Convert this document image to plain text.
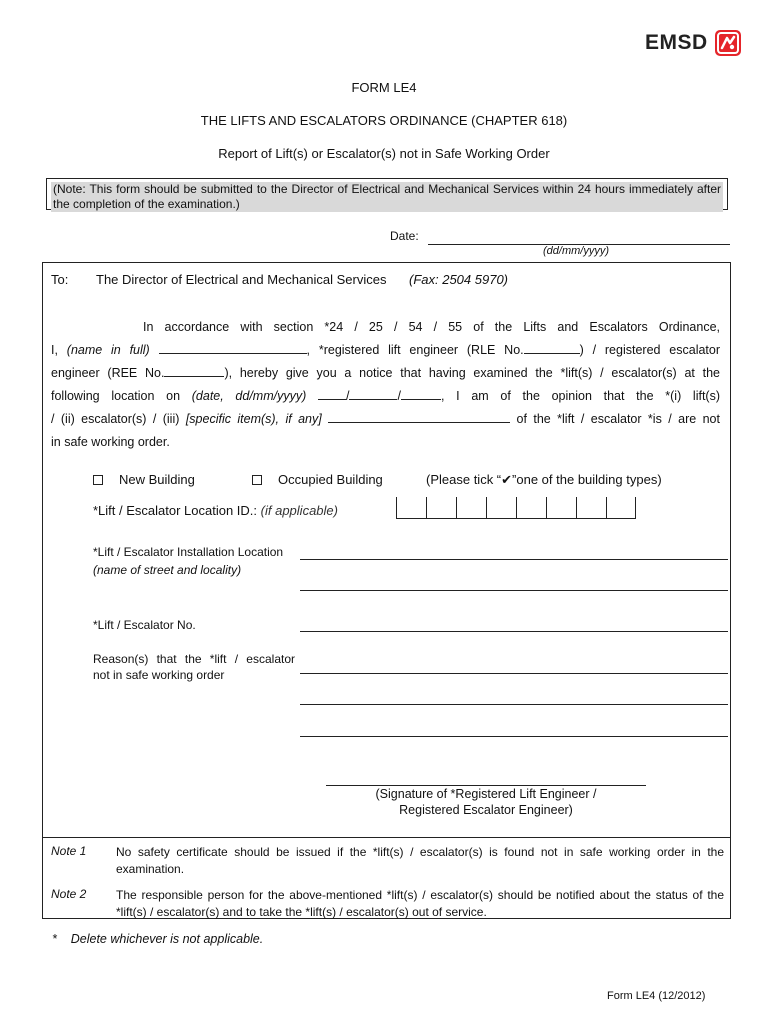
EMSD
FORM LE4
THE LIFTS AND ESCALATORS ORDINANCE (CHAPTER 618)
Report of Lift(s) or Escalator(s) not in Safe Working Order
(Note: This form should be submitted to the Director of Electrical and Mechanical Services within 24 hours immediately after the completion of the examination.)
Date:
(dd/mm/yyyy)
To: The Director of Electrical and Mechanical Services (Fax: 2504 5970)
In accordance with section *24 / 25 / 54 / 55 of the Lifts and Escalators Ordinance,
I, (name in full)	, *registered lift engineer (RLE No.	) / registered escalator
engineer (REE No.	), hereby give you a notice that having examined the *lift(s) / escalator(s) at the
following location on (date, dd/mm/yyyy)	/	/	, I am of the opinion that the *(i) lift(s)
/ (ii) escalator(s) / (iii) [specific item(s), if any]	of the *lift / escalator *is / are not
in safe working order.
New Building	Occupied Building	(Please tick “✔”one of the building types)
*Lift / Escalator Location ID.: (if applicable)
*Lift / Escalator Installation Location
(name of street and locality)
*Lift / Escalator No.
Reason(s) that the *lift / escalator
not in safe working order
(Signature of *Registered Lift Engineer /
Registered Escalator Engineer)
Note 1 No safety certificate should be issued if the *lift(s) / escalator(s) is found not in safe working order in the examination.
Note 2 The responsible person for the above-mentioned *lift(s) / escalator(s) should be notified about the status of the *lift(s) / escalator(s) and to take the *lift(s) / escalator(s) out of service.
*    Delete whichever is not applicable.
Form LE4 (12/2012)
